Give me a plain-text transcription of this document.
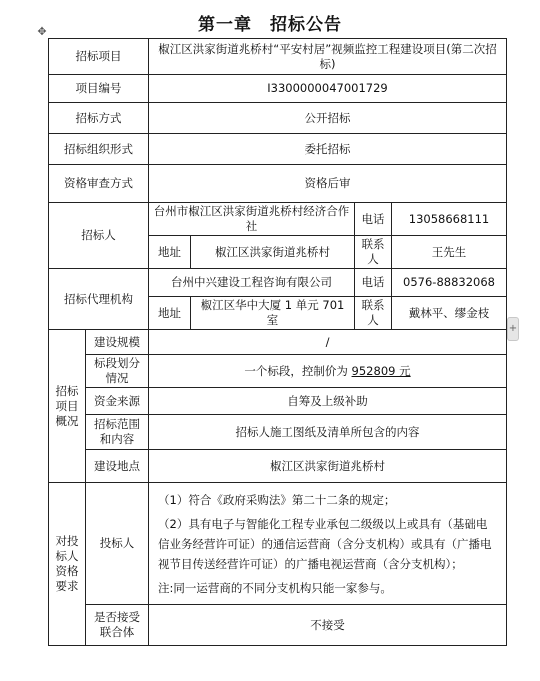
第一章　招标公告
✥
+
招标项目		椒江区洪家街道兆桥村“平安村居”视频监控工程建设项目(第二次招标)			
项目编号		I3300000047001729			
招标方式		公开招标			
招标组织形式		委托招标			
资格审查方式		资格后审			
招标人		台州市椒江区洪家街道兆桥村经济合作社		电话	13058668111
		地址	椒江区洪家街道兆桥村	联系人	王先生
招标代理机构		台州中兴建设工程咨询有限公司		电话	0576-88832068
		地址	椒江区华中大厦 1 单元 701 室	联系人	戴林平、缪金枝
招标项目概况	建设规模	/			
	标段划分情况	一个标段，控制价为 952809 元			
	资金来源	自筹及上级补助			
	招标范围和内容	招标人施工图纸及清单所包含的内容			
	建设地点	椒江区洪家街道兆桥村			
对投标人资格要求	投标人	（1）符合《政府采购法》第二十二条的规定；

（2）具有电子与智能化工程专业承包二级级以上或具有（基础电信业务经营许可证）的通信运营商（含分支机构）或具有（广播电视节目传送经营许可证）的广播电视运营商（含分支机构）；

注:同一运营商的不同分支机构只能一家参与。			

	是否接受联合体	不接受			
